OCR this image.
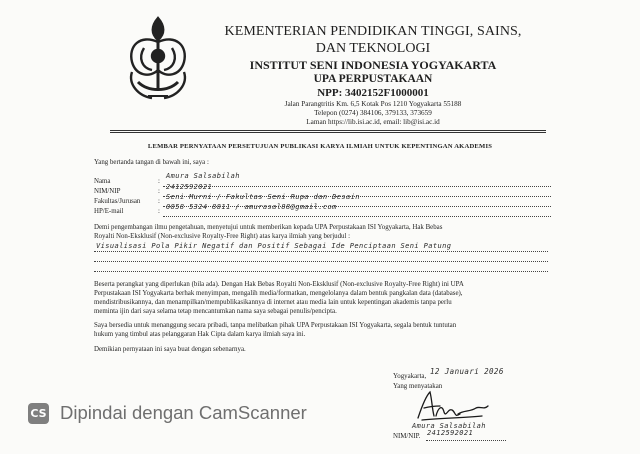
KEMENTERIAN PENDIDIKAN TINGGI, SAINS,
DAN TEKNOLOGI
INSTITUT SENI INDONESIA YOGYAKARTA
UPA PERPUSTAKAAN
NPP: 3402152F1000001
Jalan Parangtritis Km. 6,5 Kotak Pos 1210 Yogyakarta 55188
Telepon (0274) 384106, 379133, 373659
Laman https://lib.isi.ac.id, email: lib@isi.ac.id
LEMBAR PERNYATAAN PERSETUJUAN PUBLIKASI KARYA ILMIAH UNTUK KEPENTINGAN AKADEMIS
Yang bertanda tangan di bawah ini, saya :
Nama	:
Amura Salsabilah
NIM/NIP	:
2412592021
Fakultas/Jurusan	:
Seni Murni / Fakultas Seni Rupa dan Desain
HP/E-mail	:
0858 5324 8811 / amurasal88@gmail.com
Demi pengembangan ilmu pengetahuan, menyetujui untuk memberikan kepada UPA Perpustakaan ISI Yogyakarta, Hak Bebas
Royalti Non-Eksklusif (Non-exclusive Royalty-Free Right) atas karya ilmiah yang berjudul :
Visualisasi Pola Pikir Negatif dan Positif Sebagai Ide Penciptaan Seni Patung
Beserta perangkat yang diperlukan (bila ada). Dengan Hak Bebas Royalti Non-Eksklusif (Non-exclusive Royalty-Free Right) ini UPA
Perpustakaan ISI Yogyakarta berhak menyimpan, mengalih media/formatkan, mengelolanya dalam bentuk pangkalan data (database),
mendistribusikannya, dan menampilkan/mempublikasikannya di internet atau media lain untuk kepentingan akademis tanpa perlu
meminta ijin dari saya selama tetap mencantumkan nama saya sebagai penulis/pencipta.
Saya bersedia untuk menanggung secara pribadi, tanpa melibatkan pihak UPA Perpustakaan ISI Yogyakarta, segala bentuk tuntutan
hukum yang timbul atas pelanggaran Hak Cipta dalam karya ilmiah saya ini.
Demikian pernyataan ini saya buat dengan sebenarnya.
Yogyakarta,
12 Januari 2026
Yang menyatakan
Amura Salsabilah
NIM/NIP. 2412592021
CS Dipindai dengan CamScanner
